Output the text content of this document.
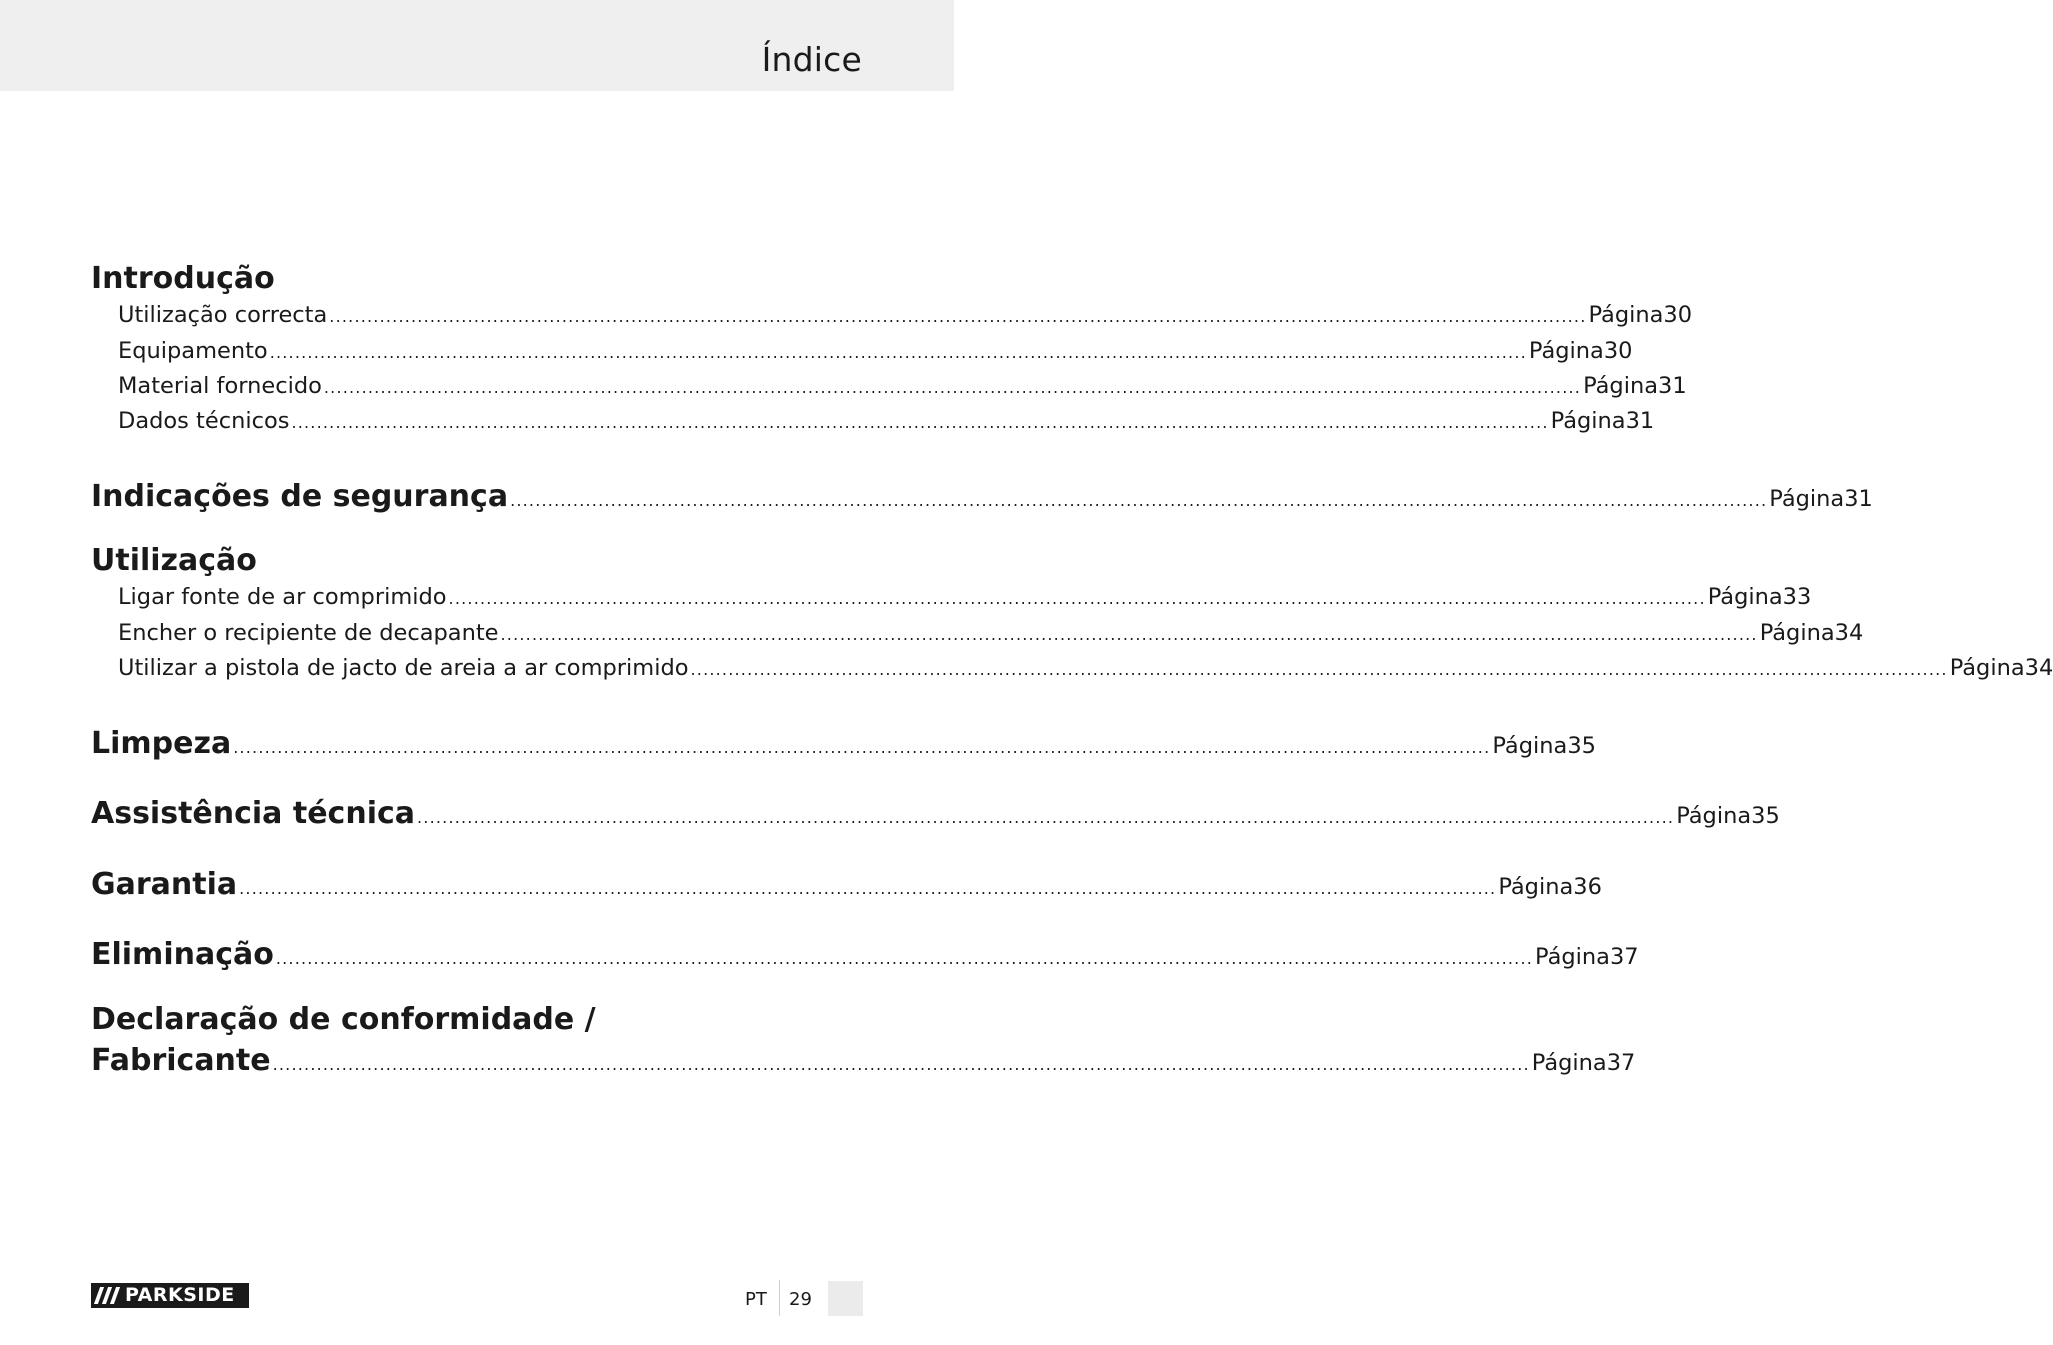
Índice
Introdução
Utilização correcta ........................................................................................................................................................................................................ Página 30
Equipamento ........................................................................................................................................................................................................ Página 30
Material fornecido ........................................................................................................................................................................................................ Página 31
Dados técnicos ........................................................................................................................................................................................................ Página 31
Indicações de segurança ........................................................................................................................................................................................................ Página 31
Utilização
Ligar fonte de ar comprimido ........................................................................................................................................................................................................ Página 33
Encher o recipiente de decapante ........................................................................................................................................................................................................ Página 34
Utilizar a pistola de jacto de areia a ar comprimido ........................................................................................................................................................................................................ Página 34
Limpeza ........................................................................................................................................................................................................ Página 35
Assistência técnica ........................................................................................................................................................................................................ Página 35
Garantia ........................................................................................................................................................................................................ Página 36
Eliminação ........................................................................................................................................................................................................ Página 37
Declaração de conformidade /
Fabricante ........................................................................................................................................................................................................ Página 37
PARKSIDE	PT 29
